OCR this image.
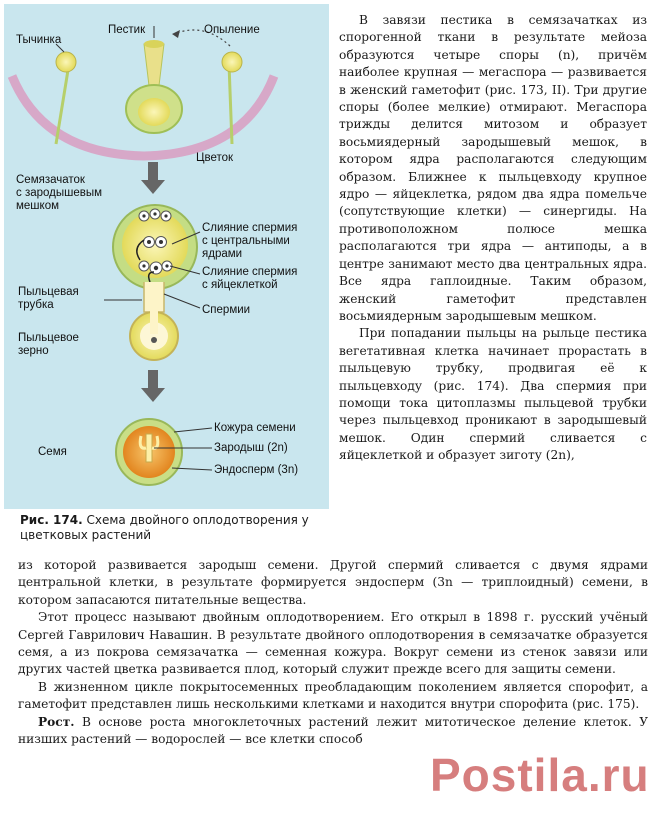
Тычинка
Пестик	Опыление
Цветок
Семязачаток
с зародышевым
мешком
Слияние спермия
с центральными
ядрами
Слияние спермия
с яйцеклеткой
Пыльцевая
трубка	Спермии
Пыльцевое
зерно
Семя
Кожура семени
Зародыш (2n)
Эндосперм (3n)
Рис. 174. Схема двойного оплодотворения у цветковых растений

В завязи пестика в семязачатках из спорогенной ткани в результате мейоза образуются четыре споры (n), причём наиболее крупная — мегаспора — развивается в женский гаметофит (рис. 173, II). Три другие споры (более мелкие) отмирают. Мегаспора трижды делится митозом и образует восьмиядерный зародышевый мешок, в котором ядра располагаются следующим образом. Ближнее к пыльцевходу крупное ядро — яйцеклетка, рядом два ядра помельче (сопутствующие клетки) — синергиды. На противоположном полюсе мешка располагаются три ядра — антиподы, а в центре занимают место два центральных ядра. Все ядра гаплоидные. Таким образом, женский гаметофит представлен восьмиядерным зародышевым мешком.

При попадании пыльцы на рыльце пестика вегетативная клетка начинает прорастать в пыльцевую трубку, продвигая её к пыльцевходу (рис. 174). Два спермия при помощи тока цитоплазмы пыльцевой трубки через пыльцевход проникают в зародышевый мешок. Один спермий сливается с яйцеклеткой и образует зиготу (2n),

из которой развивается зародыш семени. Другой спермий сливается с двумя ядрами центральной клетки, в результате формируется эндосперм (3n — триплоидный) семени, в котором запасаются питательные вещества.

Этот процесс называют двойным оплодотворением. Его открыл в 1898 г. русский учёный Сергей Гаврилович Навашин. В результате двойного оплодотворения в семязачатке образуется семя, а из покрова семязачатка — семенная кожура. Вокруг семени из стенок завязи или других частей цветка развивается плод, который служит прежде всего для защиты семени.

В жизненном цикле покрытосеменных преобладающим поколением является спорофит, а гаметофит представлен лишь несколькими клетками и находится внутри спорофита (рис. 175).

Рост. В основе роста многоклеточных растений лежит митотическое деление клеток. У низших растений — водорослей — все клетки способ

Postila.ru
